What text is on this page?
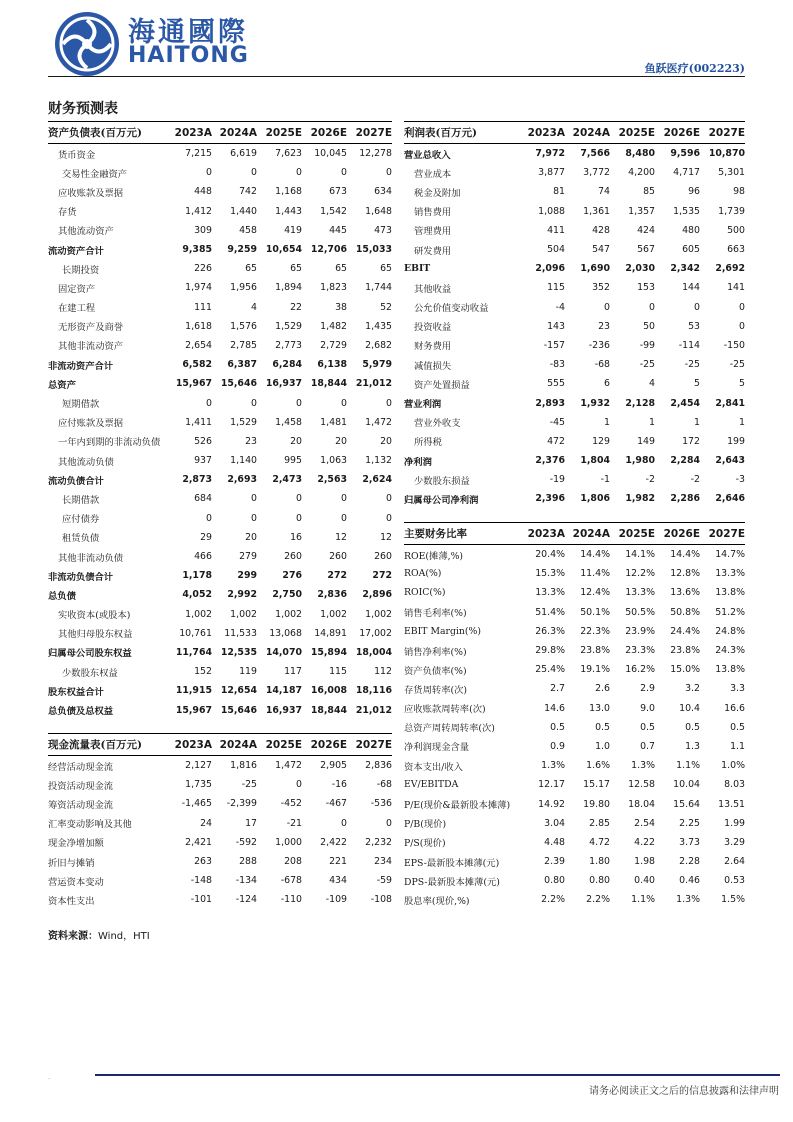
海通國際
HAITONG
鱼跃医疗(002223)
财务预测表
资产负债表(百万元)	2023A	2024A	2025E	2026E	2027E
货币资金	7,215	6,619	7,623	10,045	12,278
交易性金融资产	0	0	0	0	0
应收账款及票据	448	742	1,168	673	634
存货	1,412	1,440	1,443	1,542	1,648
其他流动资产	309	458	419	445	473
流动资产合计	9,385	9,259	10,654	12,706	15,033
长期投资	226	65	65	65	65
固定资产	1,974	1,956	1,894	1,823	1,744
在建工程	111	4	22	38	52
无形资产及商誉	1,618	1,576	1,529	1,482	1,435
其他非流动资产	2,654	2,785	2,773	2,729	2,682
非流动资产合计	6,582	6,387	6,284	6,138	5,979
总资产	15,967	15,646	16,937	18,844	21,012
短期借款	0	0	0	0	0
应付账款及票据	1,411	1,529	1,458	1,481	1,472
一年内到期的非流动负债	526	23	20	20	20
其他流动负债	937	1,140	995	1,063	1,132
流动负债合计	2,873	2,693	2,473	2,563	2,624
长期借款	684	0	0	0	0
应付债券	0	0	0	0	0
租赁负债	29	20	16	12	12
其他非流动负债	466	279	260	260	260
非流动负债合计	1,178	299	276	272	272
总负债	4,052	2,992	2,750	2,836	2,896
实收资本(或股本)	1,002	1,002	1,002	1,002	1,002
其他归母股东权益	10,761	11,533	13,068	14,891	17,002
归属母公司股东权益	11,764	12,535	14,070	15,894	18,004
少数股东权益	152	119	117	115	112
股东权益合计	11,915	12,654	14,187	16,008	18,116
总负债及总权益	15,967	15,646	16,937	18,844	21,012
现金流量表(百万元)	2023A	2024A	2025E	2026E	2027E
经营活动现金流	2,127	1,816	1,472	2,905	2,836
投资活动现金流	1,735	-25	0	-16	-68
筹资活动现金流	-1,465	-2,399	-452	-467	-536
汇率变动影响及其他	24	17	-21	0	0
现金净增加额	2,421	-592	1,000	2,422	2,232
折旧与摊销	263	288	208	221	234
营运资本变动	-148	-134	-678	434	-59
资本性支出	-101	-124	-110	-109	-108
利润表(百万元)	2023A	2024A	2025E	2026E	2027E
营业总收入	7,972	7,566	8,480	9,596	10,870
营业成本	3,877	3,772	4,200	4,717	5,301
税金及附加	81	74	85	96	98
销售费用	1,088	1,361	1,357	1,535	1,739
管理费用	411	428	424	480	500
研发费用	504	547	567	605	663
EBIT	2,096	1,690	2,030	2,342	2,692
其他收益	115	352	153	144	141
公允价值变动收益	-4	0	0	0	0
投资收益	143	23	50	53	0
财务费用	-157	-236	-99	-114	-150
减值损失	-83	-68	-25	-25	-25
资产处置损益	555	6	4	5	5
营业利润	2,893	1,932	2,128	2,454	2,841
营业外收支	-45	1	1	1	1
所得税	472	129	149	172	199
净利润	2,376	1,804	1,980	2,284	2,643
少数股东损益	-19	-1	-2	-2	-3
归属母公司净利润	2,396	1,806	1,982	2,286	2,646
主要财务比率	2023A	2024A	2025E	2026E	2027E
ROE(摊薄,%)	20.4%	14.4%	14.1%	14.4%	14.7%
ROA(%)	15.3%	11.4%	12.2%	12.8%	13.3%
ROIC(%)	13.3%	12.4%	13.3%	13.6%	13.8%
销售毛利率(%)	51.4%	50.1%	50.5%	50.8%	51.2%
EBIT Margin(%)	26.3%	22.3%	23.9%	24.4%	24.8%
销售净利率(%)	29.8%	23.8%	23.3%	23.8%	24.3%
资产负债率(%)	25.4%	19.1%	16.2%	15.0%	13.8%
存货周转率(次)	2.7	2.6	2.9	3.2	3.3
应收账款周转率(次)	14.6	13.0	9.0	10.4	16.6
总资产周转周转率(次)	0.5	0.5	0.5	0.5	0.5
净利润现金含量	0.9	1.0	0.7	1.3	1.1
资本支出/收入	1.3%	1.6%	1.3%	1.1%	1.0%
EV/EBITDA	12.17	15.17	12.58	10.04	8.03
P/E(现价&最新股本摊薄)	14.92	19.80	18.04	15.64	13.51
P/B(现价)	3.04	2.85	2.54	2.25	1.99
P/S(现价)	4.48	4.72	4.22	3.73	3.29
EPS-最新股本摊薄(元)	2.39	1.80	1.98	2.28	2.64
DPS-最新股本摊薄(元)	0.80	0.80	0.40	0.46	0.53
股息率(现价,%)	2.2%	2.2%	1.1%	1.3%	1.5%
资料来源：Wind，HTI
.
请务必阅读正文之后的信息披露和法律声明
